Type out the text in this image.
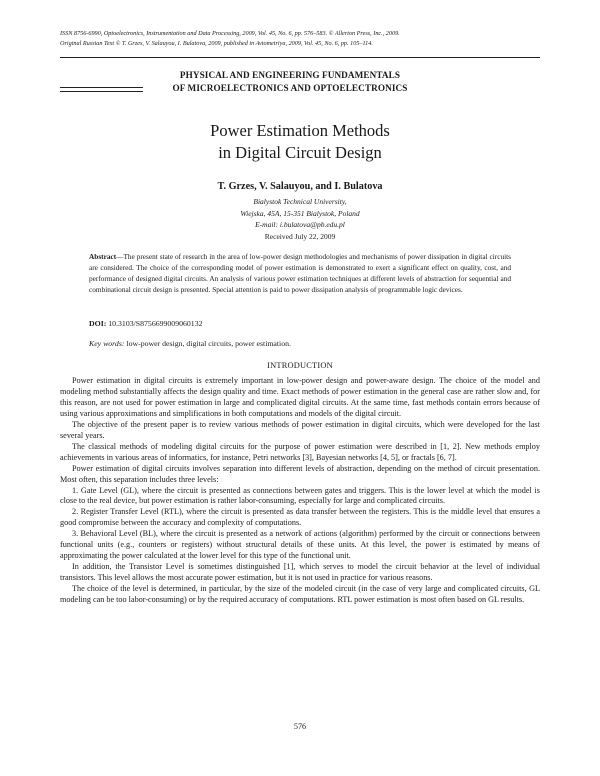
ISSN 8756-6990, Optoelectronics, Instrumentation and Data Processing, 2009, Vol. 45, No. 6, pp. 576–583. © Allerton Press, Inc., 2009.
Original Russian Text © T. Grzes, V. Salauyou, I. Bulatova, 2009, published in Avtometriya, 2009, Vol. 45, No. 6, pp. 105–114.
PHYSICAL AND ENGINEERING FUNDAMENTALS
OF MICROELECTRONICS AND OPTOELECTRONICS
Power Estimation Methods
in Digital Circuit Design
T. Grzes, V. Salauyou, and I. Bulatova
Bialystok Technical University,
Wiejska, 45A, 15-351 Bialystok, Poland
E-mail: i.bulatova@pb.edu.pl
Received July 22, 2009
Abstract—The present state of research in the area of low-power design methodologies and mechanisms of power dissipation in digital circuits are considered. The choice of the corresponding model of power estimation is demonstrated to exert a significant effect on quality, cost, and performance of designed digital circuits. An analysis of various power estimation techniques at different levels of abstraction for sequential and combinational circuit design is presented. Special attention is paid to power dissipation analysis of programmable logic devices.
DOI: 10.3103/S8756699009060132
Key words: low-power design, digital circuits, power estimation.
INTRODUCTION
Power estimation in digital circuits is extremely important in low-power design and power-aware design. The choice of the model and modeling method substantially affects the design quality and time. Exact methods of power estimation in the general case are rather slow and, for this reason, are not used for power estimation in large and complicated digital circuits. At the same time, fast methods contain errors because of using various approximations and simplifications in both computations and models of the digital circuit.
The objective of the present paper is to review various methods of power estimation in digital circuits, which were developed for the last several years.
The classical methods of modeling digital circuits for the purpose of power estimation were described in [1, 2]. New methods employ achievements in various areas of informatics, for instance, Petri networks [3], Bayesian networks [4, 5], or fractals [6, 7].
Power estimation of digital circuits involves separation into different levels of abstraction, depending on the method of circuit presentation. Most often, this separation includes three levels:
1. Gate Level (GL), where the circuit is presented as connections between gates and triggers. This is the lower level at which the model is close to the real device, but power estimation is rather labor-consuming, especially for large and complicated circuits.
2. Register Transfer Level (RTL), where the circuit is presented as data transfer between the registers. This is the middle level that ensures a good compromise between the accuracy and complexity of computations.
3. Behavioral Level (BL), where the circuit is presented as a network of actions (algorithm) performed by the circuit or connections between functional units (e.g., counters or registers) without structural details of these units. At this level, the power is estimated by means of approximating the power calculated at the lower level for this type of the functional unit.
In addition, the Transistor Level is sometimes distinguished [1], which serves to model the circuit behavior at the level of individual transistors. This level allows the most accurate power estimation, but it is not used in practice for various reasons.
The choice of the level is determined, in particular, by the size of the modeled circuit (in the case of very large and complicated circuits, GL modeling can be too labor-consuming) or by the required accuracy of computations. RTL power estimation is most often based on GL results.
576
